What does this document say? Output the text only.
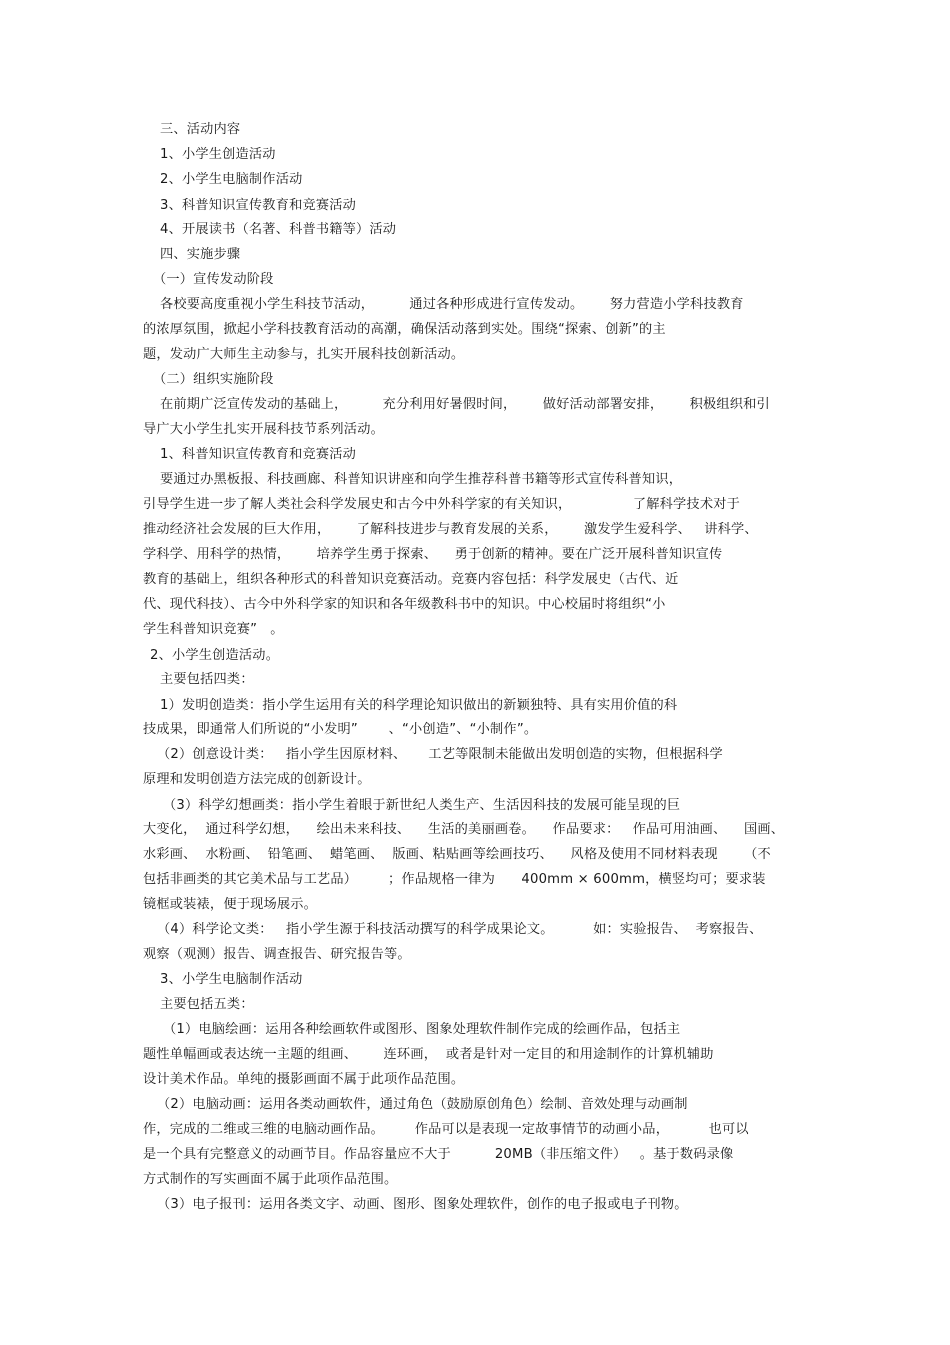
三、活动内容
1、小学生创造活动
2、小学生电脑制作活动
3、科普知识宣传教育和竞赛活动
4、开展读书（名著、科普书籍等）活动
四、实施步骤
（一）宣传发动阶段
各校要高度重视小学生科技节活动，        通过各种形成进行宣传发动。      努力营造小学科技教育
的浓厚氛围，掀起小学科技教育活动的高潮，确保活动落到实处。围绕“探索、创新”的主
题，发动广大师生主动参与，扎实开展科技创新活动。
（二）组织实施阶段
在前期广泛宣传发动的基础上，        充分利用好暑假时间，      做好活动部署安排，      积极组织和引
导广大小学生扎实开展科技节系列活动。
1、科普知识宣传教育和竞赛活动
要通过办黑板报、科技画廊、科普知识讲座和向学生推荐科普书籍等形式宣传科普知识，
引导学生进一步了解人类社会科学发展史和古今中外科学家的有关知识，              了解科学技术对于
推动经济社会发展的巨大作用，      了解科技进步与教育发展的关系，      激发学生爱科学、   讲科学、
学科学、用科学的热情，      培养学生勇于探索、    勇于创新的精神。要在广泛开展科普知识宣传
教育的基础上，组织各种形式的科普知识竞赛活动。竞赛内容包括：科学发展史（古代、近
代、现代科技）、古今中外科学家的知识和各年级教科书中的知识。中心校届时将组织“小
学生科普知识竞赛”   。
2、小学生创造活动。
主要包括四类：
1）发明创造类：指小学生运用有关的科学理论知识做出的新颖独特、具有实用价值的科
技成果，即通常人们所说的“小发明”       、“小创造”、“小制作”。
（2）创意设计类：   指小学生因原材料、     工艺等限制未能做出发明创造的实物，但根据科学
原理和发明创造方法完成的创新设计。
（3）科学幻想画类：指小学生着眼于新世纪人类生产、生活因科技的发展可能呈现的巨
大变化，  通过科学幻想，    绘出未来科技、    生活的美丽画卷。    作品要求：   作品可用油画、    国画、
水彩画、  水粉画、  铅笔画、  蜡笔画、  版画、粘贴画等绘画技巧、    风格及使用不同材料表现      （不
包括非画类的其它美术品与工艺品）       ；作品规格一律为      400mm × 600mm，横竖均可；要求装
镜框或装裱，便于现场展示。
（4）科学论文类：   指小学生源于科技活动撰写的科学成果论文。         如：实验报告、  考察报告、
观察（观测）报告、调查报告、研究报告等。
3、小学生电脑制作活动
主要包括五类：
（1）电脑绘画：运用各种绘画软件或图形、图象处理软件制作完成的绘画作品，包括主
题性单幅画或表达统一主题的组画、      连环画，  或者是针对一定目的和用途制作的计算机辅助
设计美术作品。单纯的摄影画面不属于此项作品范围。
（2）电脑动画：运用各类动画软件，通过角色（鼓励原创角色）绘制、音效处理与动画制
作，完成的二维或三维的电脑动画作品。       作品可以是表现一定故事情节的动画小品，         也可以
是一个具有完整意义的动画节目。作品容量应不大于          20MB（非压缩文件）   。基于数码录像
方式制作的写实画面不属于此项作品范围。
（3）电子报刊：运用各类文字、动画、图形、图象处理软件，创作的电子报或电子刊物。
